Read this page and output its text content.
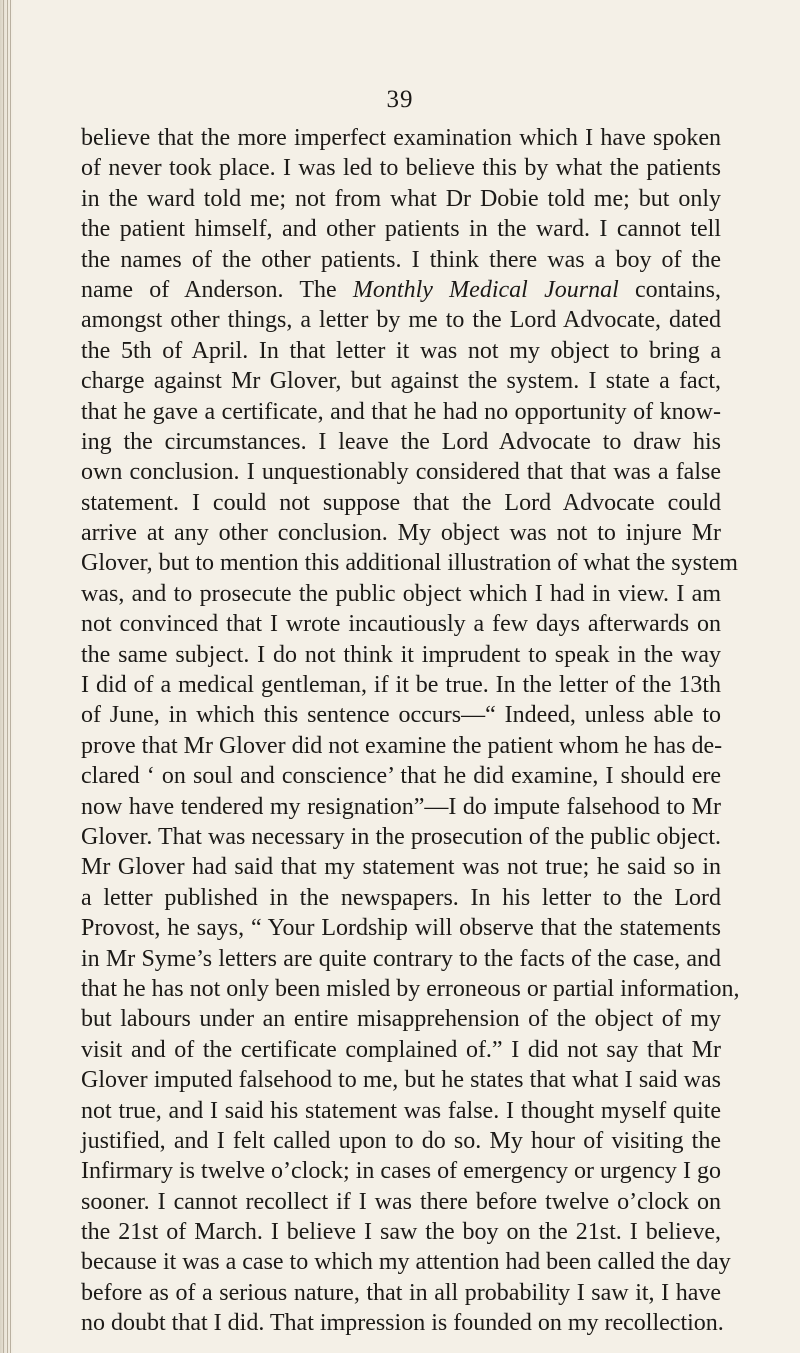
39
believe that the more imperfect examination which I have spoken
of never took place. I was led to believe this by what the patients
in the ward told me; not from what Dr Dobie told me; but only
the patient himself, and other patients in the ward. I cannot tell
the names of the other patients. I think there was a boy of the
name of Anderson. The Monthly Medical Journal contains,
amongst other things, a letter by me to the Lord Advocate, dated
the 5th of April. In that letter it was not my object to bring a
charge against Mr Glover, but against the system. I state a fact,
that he gave a certificate, and that he had no opportunity of know-
ing the circumstances. I leave the Lord Advocate to draw his
own conclusion. I unquestionably considered that that was a false
statement. I could not suppose that the Lord Advocate could
arrive at any other conclusion. My object was not to injure Mr
Glover, but to mention this additional illustration of what the system
was, and to prosecute the public object which I had in view. I am
not convinced that I wrote incautiously a few days afterwards on
the same subject. I do not think it imprudent to speak in the way
I did of a medical gentleman, if it be true. In the letter of the 13th
of June, in which this sentence occurs—“ Indeed, unless able to
prove that Mr Glover did not examine the patient whom he has de-
clared ‘ on soul and conscience’ that he did examine, I should ere
now have tendered my resignation”—I do impute falsehood to Mr
Glover. That was necessary in the prosecution of the public object.
Mr Glover had said that my statement was not true; he said so in
a letter published in the newspapers. In his letter to the Lord
Provost, he says, “ Your Lordship will observe that the statements
in Mr Syme’s letters are quite contrary to the facts of the case, and
that he has not only been misled by erroneous or partial information,
but labours under an entire misapprehension of the object of my
visit and of the certificate complained of.” I did not say that Mr
Glover imputed falsehood to me, but he states that what I said was
not true, and I said his statement was false. I thought myself quite
justified, and I felt called upon to do so. My hour of visiting the
Infirmary is twelve o’clock; in cases of emergency or urgency I go
sooner. I cannot recollect if I was there before twelve o’clock on
the 21st of March. I believe I saw the boy on the 21st. I believe,
because it was a case to which my attention had been called the day
before as of a serious nature, that in all probability I saw it, I have
no doubt that I did. That impression is founded on my recollection.
